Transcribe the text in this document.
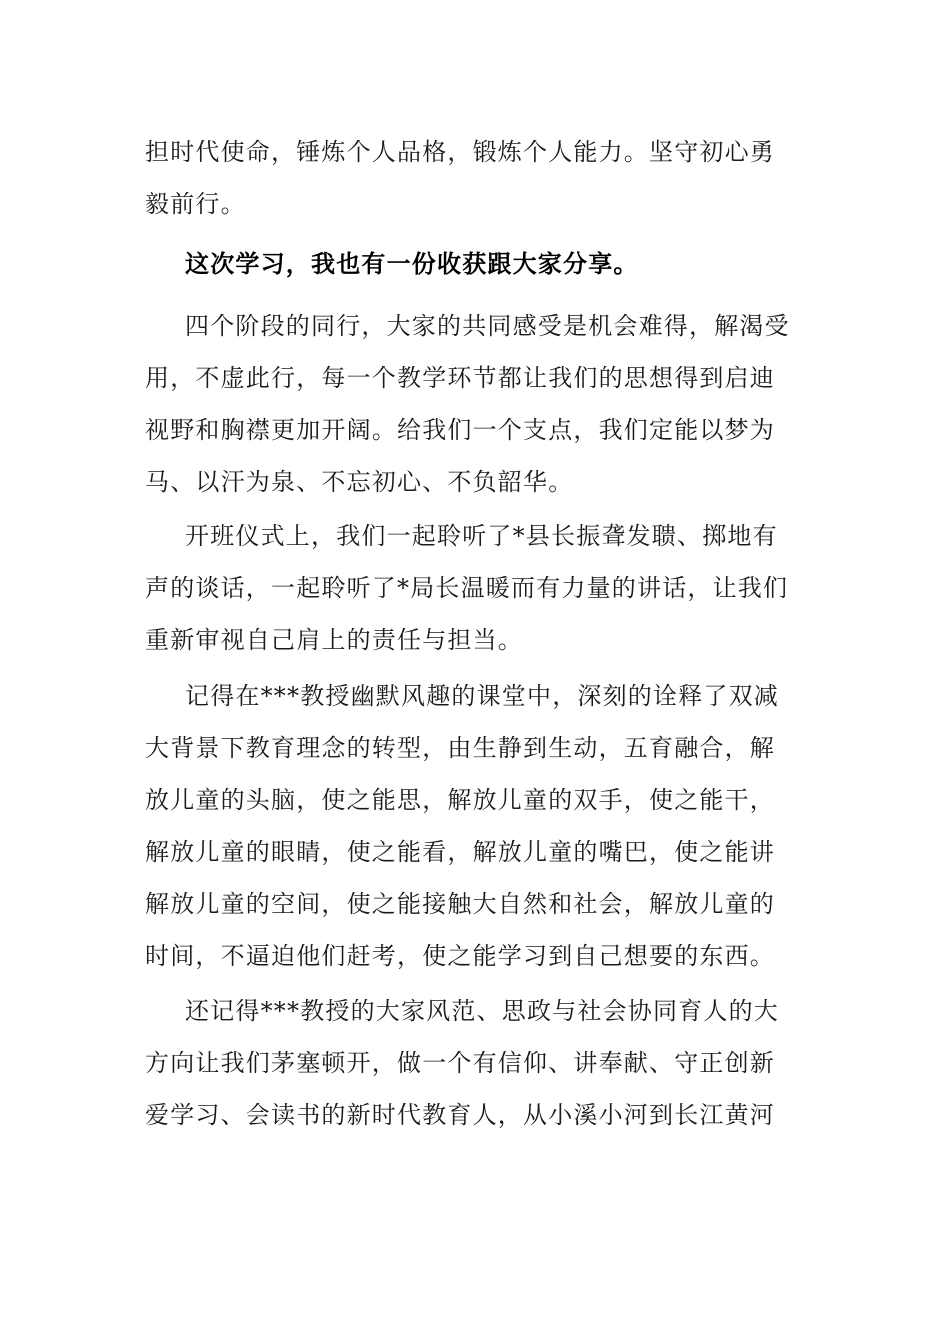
担时代使命，锤炼个人品格，锻炼个人能力。坚守初心勇
毅前行。
这次学习，我也有一份收获跟大家分享。
四个阶段的同行，大家的共同感受是机会难得，解渴受
用，不虚此行，每一个教学环节都让我们的思想得到启迪
视野和胸襟更加开阔。给我们一个支点，我们定能以梦为
马、以汗为泉、不忘初心、不负韶华。
开班仪式上，我们一起聆听了*县长振聋发聩、掷地有
声的谈话，一起聆听了*局长温暖而有力量的讲话，让我们
重新审视自己肩上的责任与担当。
记得在***教授幽默风趣的课堂中，深刻的诠释了双减
大背景下教育理念的转型，由生静到生动，五育融合，解
放儿童的头脑，使之能思，解放儿童的双手，使之能干，
解放儿童的眼睛，使之能看，解放儿童的嘴巴，使之能讲
解放儿童的空间，使之能接触大自然和社会，解放儿童的
时间，不逼迫他们赶考，使之能学习到自己想要的东西。
还记得***教授的大家风范、思政与社会协同育人的大
方向让我们茅塞顿开，做一个有信仰、讲奉献、守正创新
爱学习、会读书的新时代教育人，从小溪小河到长江黄河
